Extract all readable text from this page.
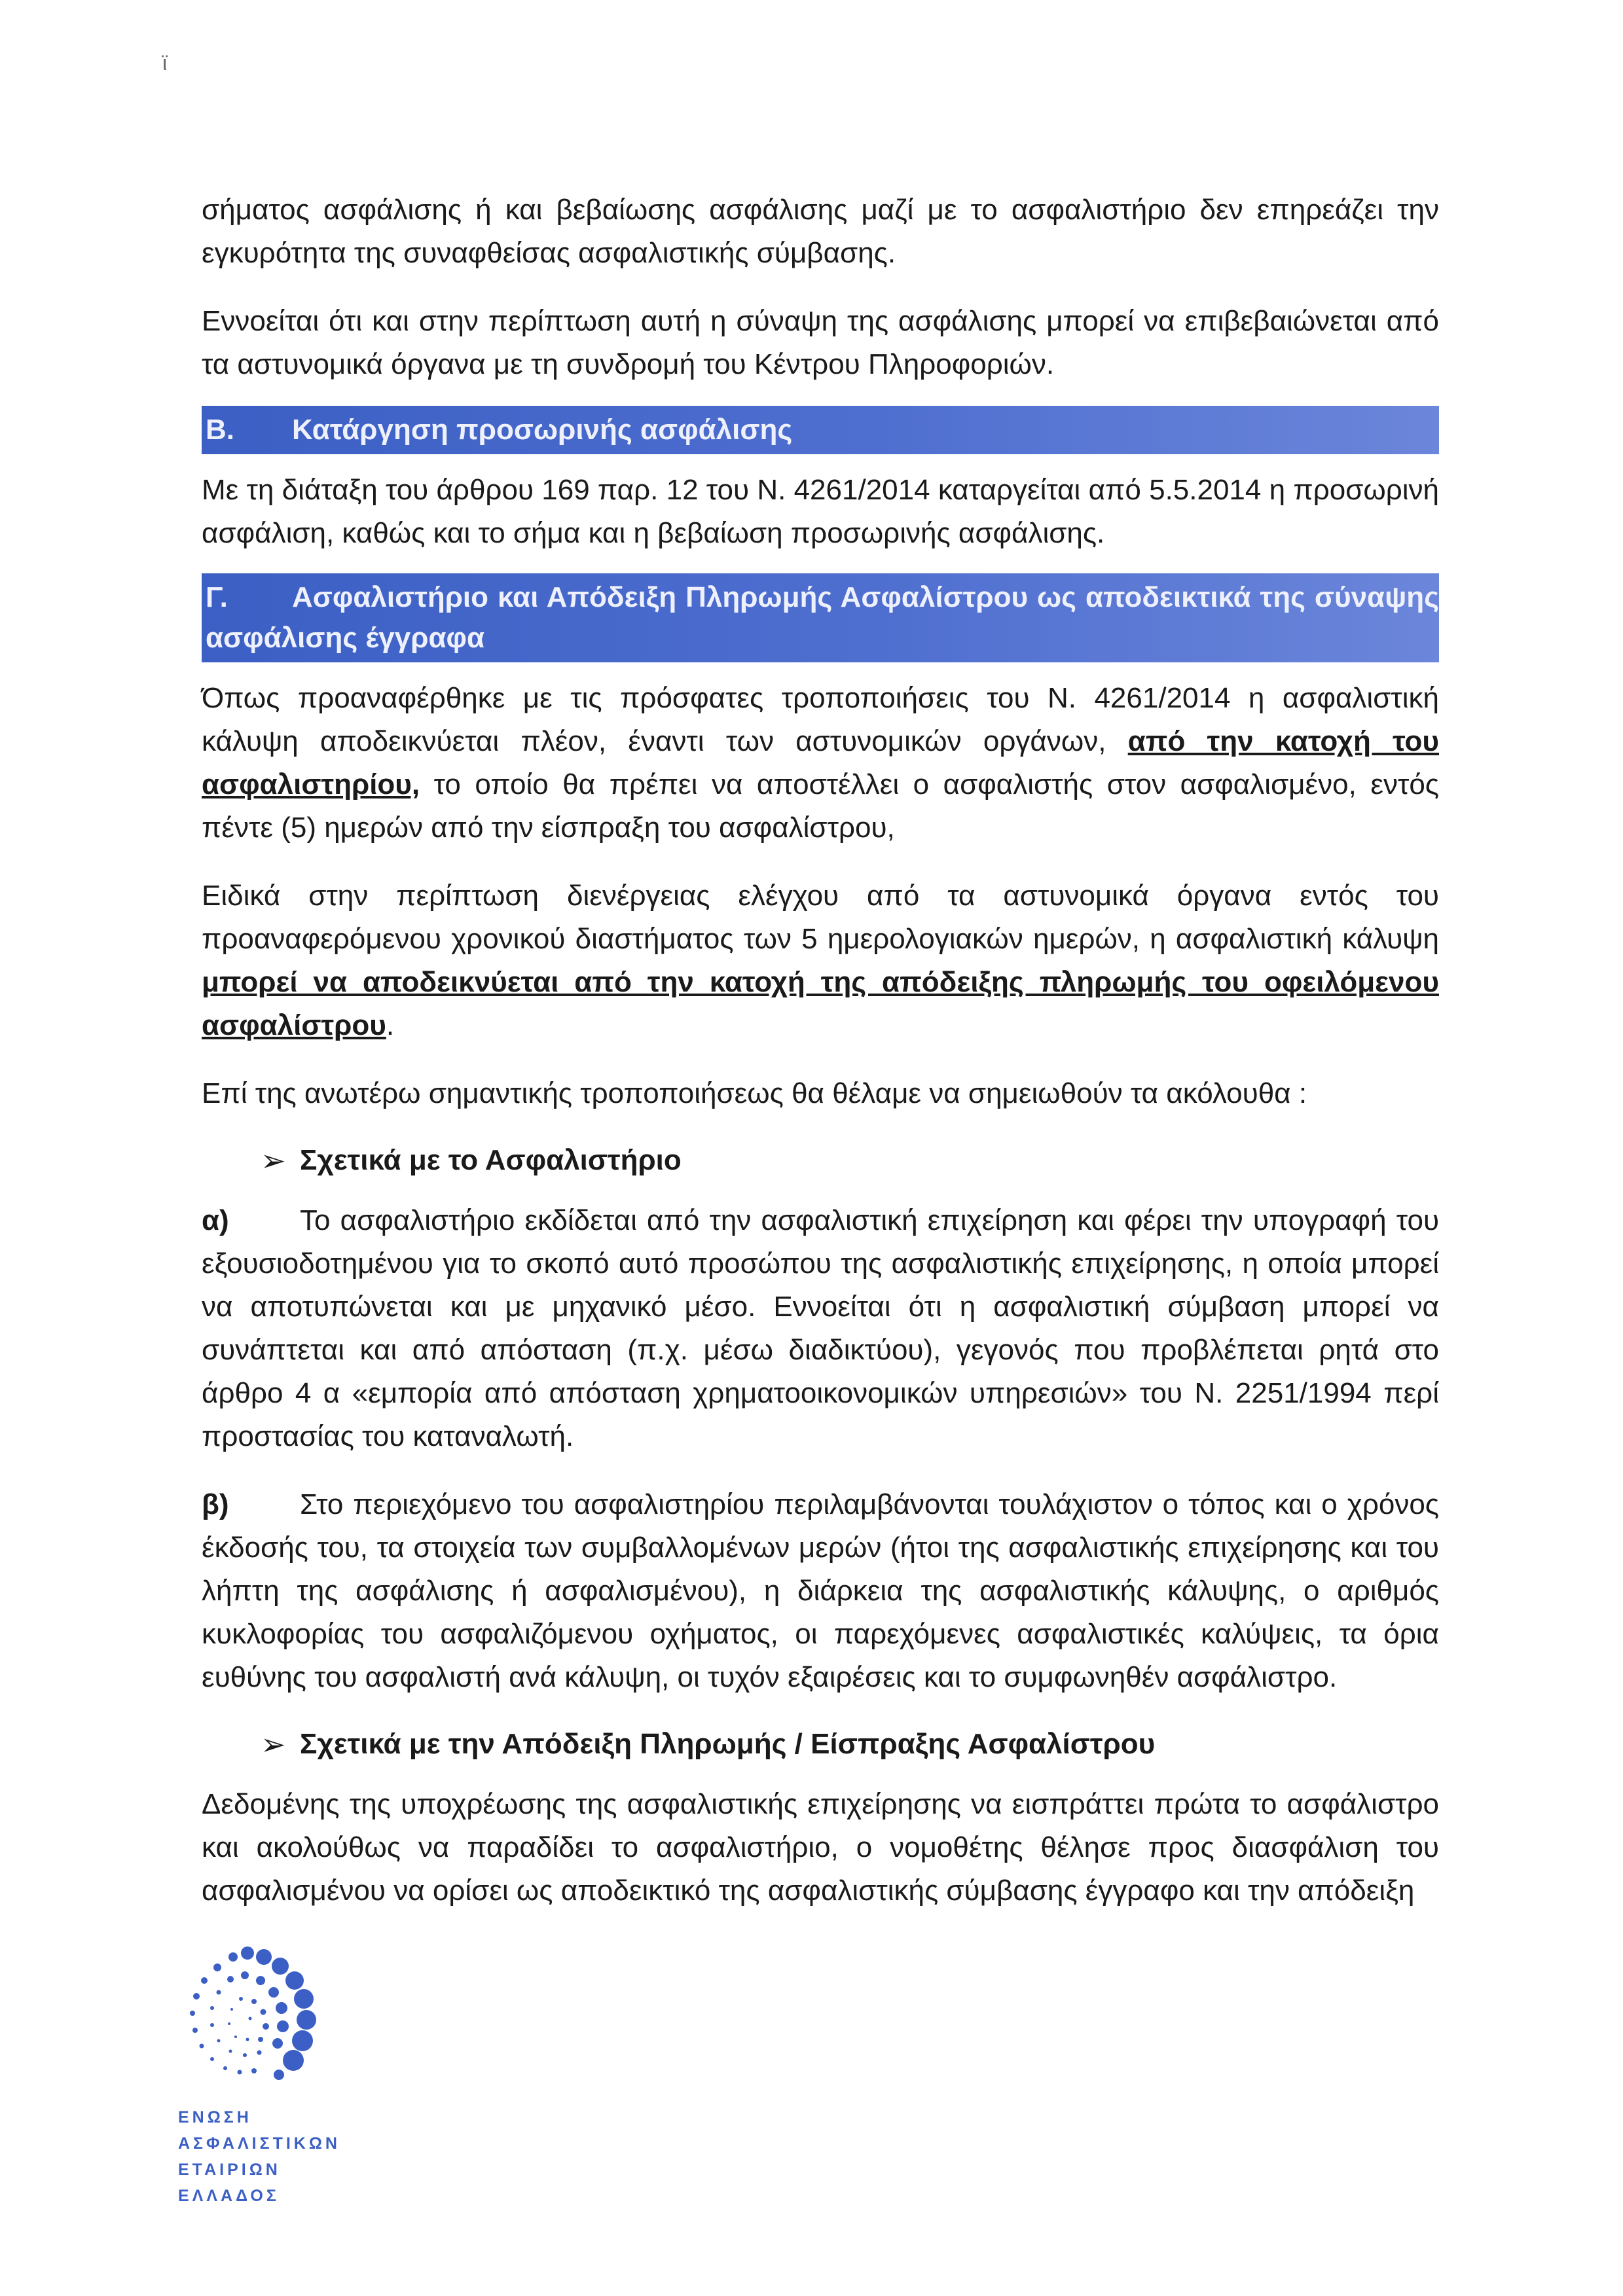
ϊ

σήματος ασφάλισης ή και βεβαίωσης ασφάλισης μαζί με το ασφαλιστήριο δεν επηρεάζει την εγκυρότητα της συναφθείσας ασφαλιστικής σύμβασης.

Εννοείται ότι και στην περίπτωση αυτή η σύναψη της ασφάλισης μπορεί να επιβεβαιώνεται από τα αστυνομικά όργανα με τη συνδρομή του Κέντρου Πληροφοριών.

Β. Κατάργηση προσωρινής ασφάλισης

Με τη διάταξη του άρθρου 169 παρ. 12 του Ν. 4261/2014 καταργείται από 5.5.2014 η προσωρινή ασφάλιση, καθώς και το σήμα και η βεβαίωση προσωρινής ασφάλισης.

Γ. Ασφαλιστήριο και Απόδειξη Πληρωμής Ασφαλίστρου ως αποδεικτικά της σύναψης ασφάλισης έγγραφα

Όπως προαναφέρθηκε με τις πρόσφατες τροποποιήσεις του Ν. 4261/2014 η ασφαλιστική κάλυψη αποδεικνύεται πλέον, έναντι των αστυνομικών οργάνων, από την κατοχή του ασφαλιστηρίου, το οποίο θα πρέπει να αποστέλλει ο ασφαλιστής στον ασφαλισμένο, εντός πέντε (5) ημερών από την είσπραξη του ασφαλίστρου,

Ειδικά στην περίπτωση διενέργειας ελέγχου από τα αστυνομικά όργανα εντός του προαναφερόμενου χρονικού διαστήματος των 5 ημερολογιακών ημερών, η ασφαλιστική κάλυψη μπορεί να αποδεικνύεται από την κατοχή της απόδειξης πληρωμής του οφειλόμενου ασφαλίστρου.

Επί της ανωτέρω σημαντικής τροποποιήσεως θα θέλαμε να σημειωθούν τα ακόλουθα :

➢ Σχετικά με το Ασφαλιστήριο

α) Το ασφαλιστήριο εκδίδεται από την ασφαλιστική επιχείρηση και φέρει την υπογραφή του εξουσιοδοτημένου για το σκοπό αυτό προσώπου της ασφαλιστικής επιχείρησης, η οποία μπορεί να αποτυπώνεται και με μηχανικό μέσο. Εννοείται ότι η ασφαλιστική σύμβαση μπορεί να συνάπτεται και από απόσταση (π.χ. μέσω διαδικτύου), γεγονός που προβλέπεται ρητά στο άρθρο 4 α «εμπορία από απόσταση χρηματοοικονομικών υπηρεσιών» του Ν. 2251/1994 περί προστασίας του καταναλωτή.

β) Στο περιεχόμενο του ασφαλιστηρίου περιλαμβάνονται τουλάχιστον ο τόπος και ο χρόνος έκδοσής του, τα στοιχεία των συμβαλλομένων μερών (ήτοι της ασφαλιστικής επιχείρησης και του λήπτη της ασφάλισης ή ασφαλισμένου), η διάρκεια της ασφαλιστικής κάλυψης, ο αριθμός κυκλοφορίας του ασφαλιζόμενου οχήματος, οι παρεχόμενες ασφαλιστικές καλύψεις, τα όρια ευθύνης του ασφαλιστή ανά κάλυψη, οι τυχόν εξαιρέσεις και το συμφωνηθέν ασφάλιστρο.

➢ Σχετικά με την Απόδειξη Πληρωμής / Είσπραξης Ασφαλίστρου

Δεδομένης της υποχρέωσης της ασφαλιστικής επιχείρησης να εισπράττει πρώτα το ασφάλιστρο και ακολούθως να παραδίδει το ασφαλιστήριο, ο νομοθέτης θέλησε προς διασφάλιση του ασφαλισμένου να ορίσει ως αποδεικτικό της ασφαλιστικής σύμβασης έγγραφο και την απόδειξη

ΕΝΩΣΗ
ΑΣΦΑΛΙΣΤΙΚΩΝ
ΕΤΑΙΡΙΩΝ
ΕΛΛΑΔΟΣ
